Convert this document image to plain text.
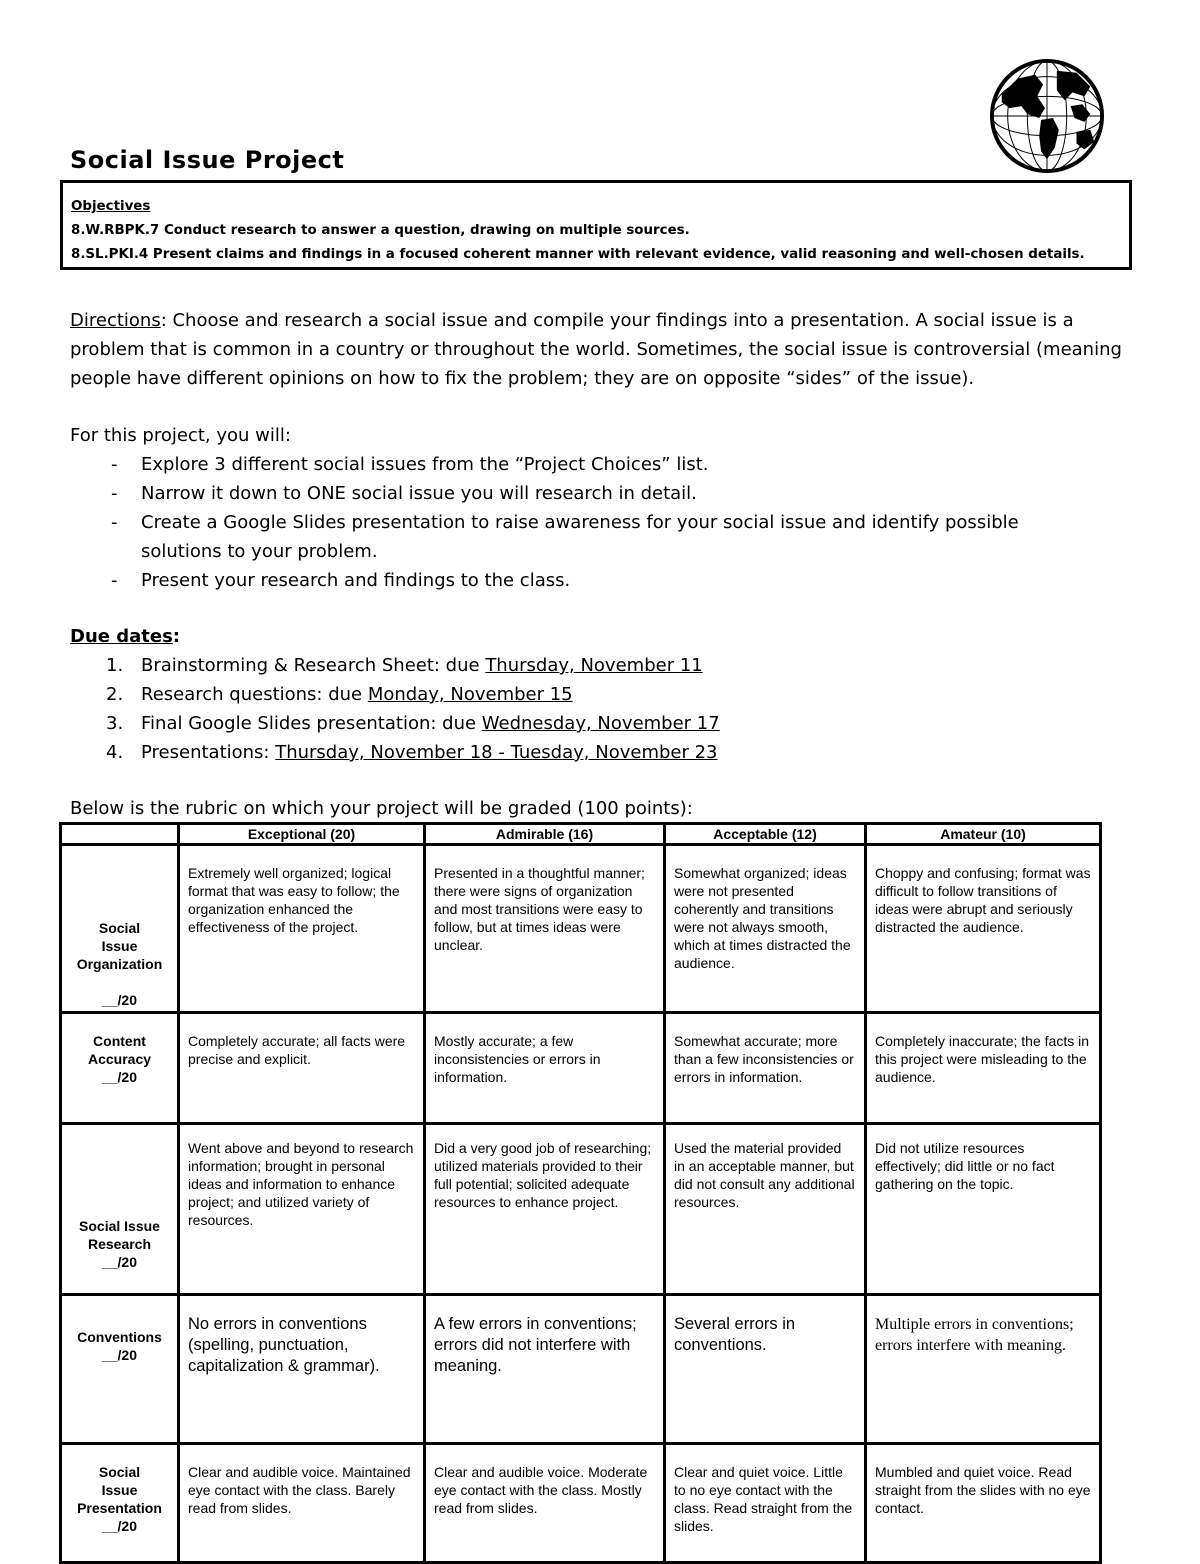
Social Issue Project
Objectives
8.W.RBPK.7 Conduct research to answer a question, drawing on multiple sources.
8.SL.PKI.4 Present claims and findings in a focused coherent manner with relevant evidence, valid reasoning and well-chosen details.
Directions: Choose and research a social issue and compile your findings into a presentation. A social issue is a problem that is common in a country or throughout the world. Sometimes, the social issue is controversial (meaning people have different opinions on how to fix the problem; they are on opposite “sides” of the issue).
For this project, you will:
- Explore 3 different social issues from the “Project Choices” list.
- Narrow it down to ONE social issue you will research in detail.
- Create a Google Slides presentation to raise awareness for your social issue and identify possible solutions to your problem.
- Present your research and findings to the class.
Due dates:
1. Brainstorming & Research Sheet: due Thursday, November 11
2. Research questions: due Monday, November 15
3. Final Google Slides presentation: due Wednesday, November 17
4. Presentations: Thursday, November 18 - Tuesday, November 23
Below is the rubric on which your project will be graded (100 points):
	Exceptional (20)	Admirable (16)	Acceptable (12)	Amateur (10)

Social
Issue
Organization
__/20	Extremely well organized; logical format that was easy to follow; the organization enhanced the effectiveness of the project.	Presented in a thoughtful manner; there were signs of organization and most transitions were easy to follow, but at times ideas were unclear.	Somewhat organized; ideas were not presented coherently and transitions were not always smooth, which at times distracted the audience.	Choppy and confusing; format was difficult to follow transitions of ideas were abrupt and seriously distracted the audience.

Content
Accuracy
__/20	Completely accurate; all facts were precise and explicit.	Mostly accurate; a few inconsistencies or errors in information.	Somewhat accurate; more than a few inconsistencies or errors in information.	Completely inaccurate; the facts in this project were misleading to the audience.

Social Issue
Research
__/20	Went above and beyond to research information; brought in personal ideas and information to enhance project; and utilized variety of resources.	Did a very good job of researching; utilized materials provided to their full potential; solicited adequate resources to enhance project.	Used the material provided in an acceptable manner, but did not consult any additional resources.	Did not utilize resources effectively; did little or no fact gathering on the topic.

Conventions
__/20	No errors in conventions (spelling, punctuation, capitalization & grammar).	A few errors in conventions; errors did not interfere with meaning.	Several errors in conventions.	Multiple errors in conventions; errors interfere with meaning.

Social
Issue
Presentation
__/20	Clear and audible voice. Maintained eye contact with the class. Barely read from slides.	Clear and audible voice. Moderate eye contact with the class. Mostly read from slides.	Clear and quiet voice. Little to no eye contact with the class. Read straight from the slides.	Mumbled and quiet voice. Read straight from the slides with no eye contact.
